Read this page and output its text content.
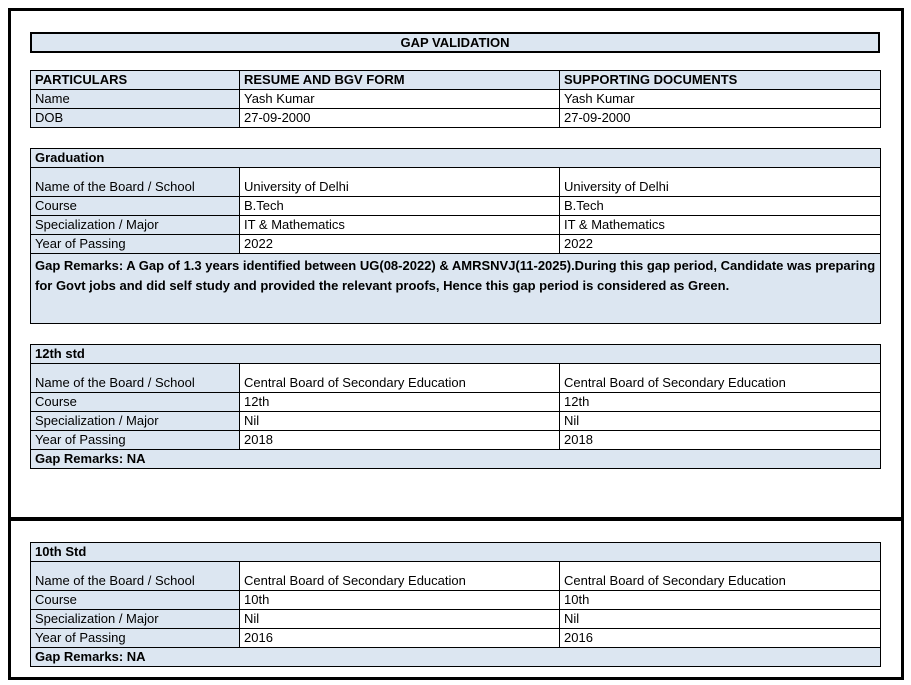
GAP VALIDATION
PARTICULARS	RESUME AND BGV FORM	SUPPORTING DOCUMENTS
Name	Yash Kumar	Yash Kumar
DOB	27-09-2000	27-09-2000
Graduation		
Name of the Board / School	University of Delhi	University of Delhi
Course	B.Tech	B.Tech
Specialization / Major	IT & Mathematics	IT & Mathematics
Year of Passing	2022	2022
Gap Remarks: A Gap of 1.3 years identified between UG(08-2022) & AMRSNVJ(11-2025).During this gap period, Candidate was preparing for Govt jobs and did self study and provided the relevant proofs, Hence this gap period is considered as Green.		
12th std		
Name of the Board / School	Central Board of Secondary Education	Central Board of Secondary Education
Course	12th	12th
Specialization / Major	Nil	Nil
Year of Passing	2018	2018
Gap Remarks: NA		
10th Std		
Name of the Board / School	Central Board of Secondary Education	Central Board of Secondary Education
Course	10th	10th
Specialization / Major	Nil	Nil
Year of Passing	2016	2016
Gap Remarks: NA		
